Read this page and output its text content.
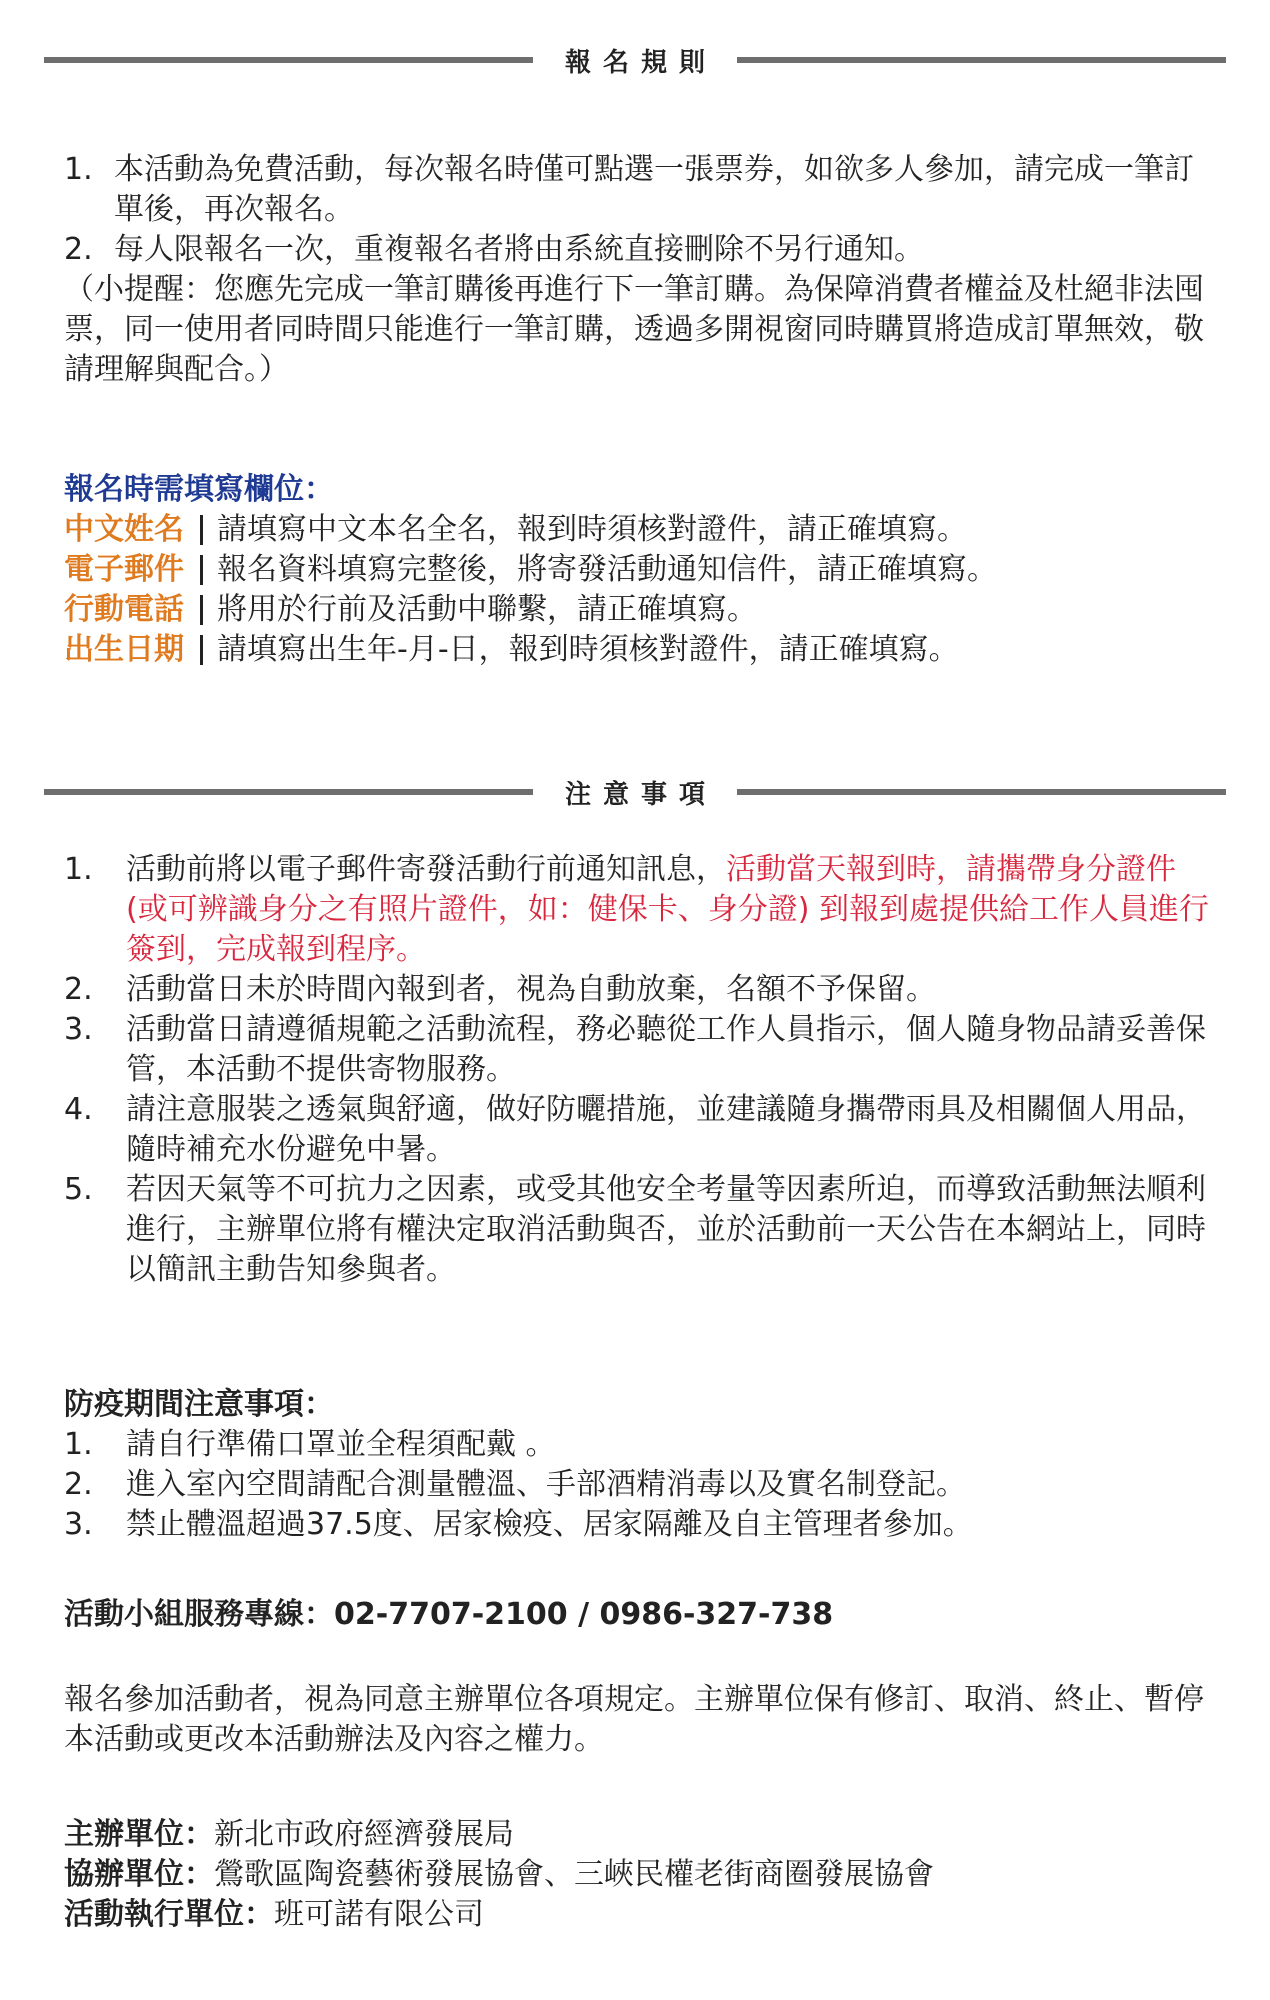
報名規則
1. 本活動為免費活動，每次報名時僅可點選一張票券，如欲多人參加，請完成一筆訂單後，再次報名。
2. 每人限報名一次，重複報名者將由系統直接刪除不另行通知。

（小提醒：您應先完成一筆訂購後再進行下一筆訂購。為保障消費者權益及杜絕非法囤票，同一使用者同時間只能進行一筆訂購，透過多開視窗同時購買將造成訂單無效，敬請理解與配合。）

報名時需填寫欄位：
中文姓名 請填寫中文本名全名，報到時須核對證件，請正確填寫。
電子郵件 報名資料填寫完整後，將寄發活動通知信件，請正確填寫。
行動電話 將用於行前及活動中聯繫，請正確填寫。
出生日期 請填寫出生年-月-日，報到時須核對證件，請正確填寫。
注意事項
1. 活動前將以電子郵件寄發活動行前通知訊息，活動當天報到時，請攜帶身分證件(或可辨識身分之有照片證件，如：健保卡、身分證) 到報到處提供給工作人員進行簽到，完成報到程序。
2. 活動當日未於時間內報到者，視為自動放棄，名額不予保留。
3. 活動當日請遵循規範之活動流程，務必聽從工作人員指示，個人隨身物品請妥善保管，本活動不提供寄物服務。
4. 請注意服裝之透氣與舒適，做好防曬措施，並建議隨身攜帶雨具及相關個人用品，隨時補充水份避免中暑。
5. 若因天氣等不可抗力之因素，或受其他安全考量等因素所迫，而導致活動無法順利進行，主辦單位將有權決定取消活動與否，並於活動前一天公告在本網站上，同時以簡訊主動告知參與者。
防疫期間注意事項：
1. 請自行準備口罩並全程須配戴 。
2. 進入室內空間請配合測量體溫、手部酒精消毒以及實名制登記。
3. 禁止體溫超過37.5度、居家檢疫、居家隔離及自主管理者參加。
活動小組服務專線：02-7707-2100 / 0986-327-738
報名參加活動者，視為同意主辦單位各項規定。主辦單位保有修訂、取消、終止、暫停本活動或更改本活動辦法及內容之權力。
主辦單位：新北市政府經濟發展局
協辦單位：鶯歌區陶瓷藝術發展協會、三峽民權老街商圈發展協會
活動執行單位：班可諾有限公司
